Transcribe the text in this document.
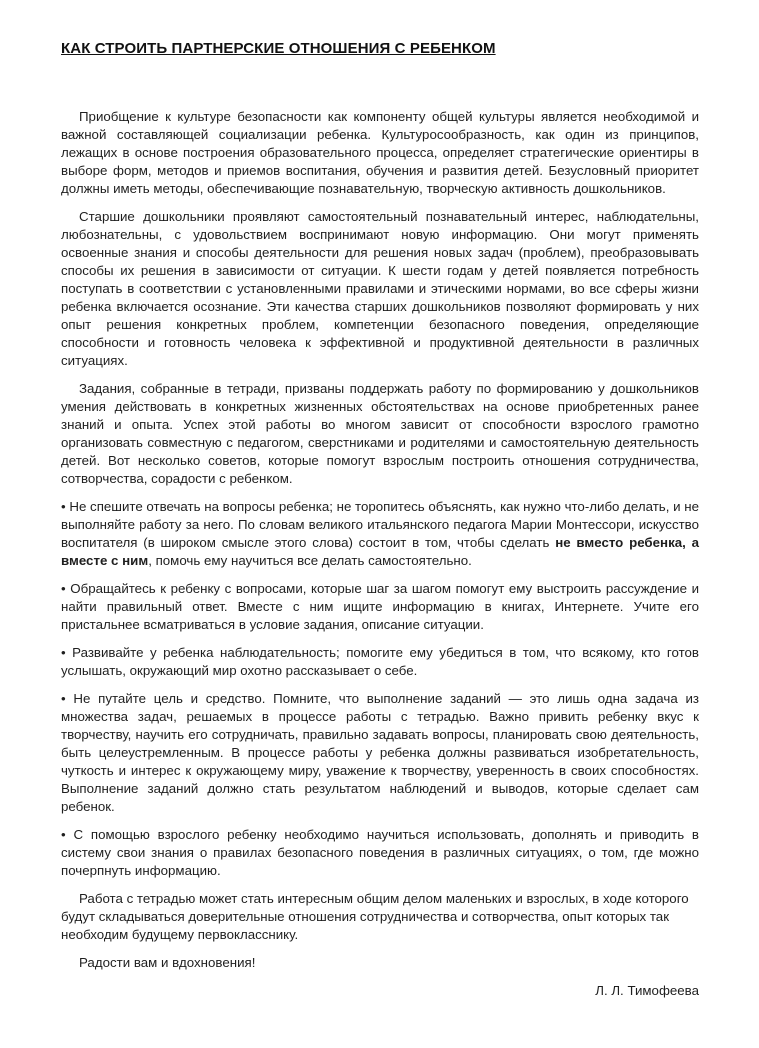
КАК СТРОИТЬ ПАРТНЕРСКИЕ ОТНОШЕНИЯ С РЕБЕНКОМ

Приобщение к культуре безопасности как компоненту общей культуры является необходимой и важной составляющей социализации ребенка. Культуросообразность, как один из принципов, лежащих в основе построения образовательного процесса, определяет стратегические ориентиры в выборе форм, методов и приемов воспитания, обучения и развития детей. Безусловный приоритет должны иметь методы, обеспечивающие познавательную, творческую активность дошкольников.

Старшие дошкольники проявляют самостоятельный познавательный интерес, наблюдательны, любознательны, с удовольствием воспринимают новую информацию. Они могут применять освоенные знания и способы деятельности для решения новых задач (проблем), преобразовывать способы их решения в зависимости от ситуации. К шести годам у детей появляется потребность поступать в соответствии с установленными правилами и этическими нормами, во все сферы жизни ребенка включается осознание. Эти качества старших дошкольников позволяют формировать у них опыт решения конкретных проблем, компетенции безопасного поведения, определяющие способности и готовность человека к эффективной и продуктивной деятельности в различных ситуациях.

Задания, собранные в тетради, призваны поддержать работу по формированию у дошкольников умения действовать в конкретных жизненных обстоятельствах на основе приобретенных ранее знаний и опыта. Успех этой работы во многом зависит от способности взрослого грамотно организовать совместную с педагогом, сверстниками и родителями и самостоятельную деятельность детей. Вот несколько советов, которые помогут взрослым построить отношения сотрудничества, сотворчества, сорадости с ребенком.

• Не спешите отвечать на вопросы ребенка; не торопитесь объяснять, как нужно что-либо делать, и не выполняйте работу за него. По словам великого итальянского педагога Марии Монтессори, искусство воспитателя (в широком смысле этого слова) состоит в том, чтобы сделать не вместо ребенка, а вместе с ним, помочь ему научиться все делать самостоятельно.

• Обращайтесь к ребенку с вопросами, которые шаг за шагом помогут ему выстроить рассуждение и найти правильный ответ. Вместе с ним ищите информацию в книгах, Интернете. Учите его пристальнее всматриваться в условие задания, описание ситуации.

• Развивайте у ребенка наблюдательность; помогите ему убедиться в том, что всякому, кто готов услышать, окружающий мир охотно рассказывает о себе.

• Не путайте цель и средство. Помните, что выполнение заданий — это лишь одна задача из множества задач, решаемых в процессе работы с тетрадью. Важно привить ребенку вкус к творчеству, научить его сотрудничать, правильно задавать вопросы, планировать свою деятельность, быть целеустремленным. В процессе работы у ребенка должны развиваться изобретательность, чуткость и интерес к окружающему миру, уважение к творчеству, уверенность в своих способностях. Выполнение заданий должно стать результатом наблюдений и выводов, которые сделает сам ребенок.

• С помощью взрослого ребенку необходимо научиться использовать, дополнять и приводить в систему свои знания о правилах безопасного поведения в различных ситуациях, о том, где можно почерпнуть информацию.

Работа с тетрадью может стать интересным общим делом маленьких и взрослых, в ходе которого будут складываться доверительные отношения сотрудничества и сотворчества, опыт которых так необходим будущему первокласснику.

Радости вам и вдохновения!

Л. Л. Тимофеева
